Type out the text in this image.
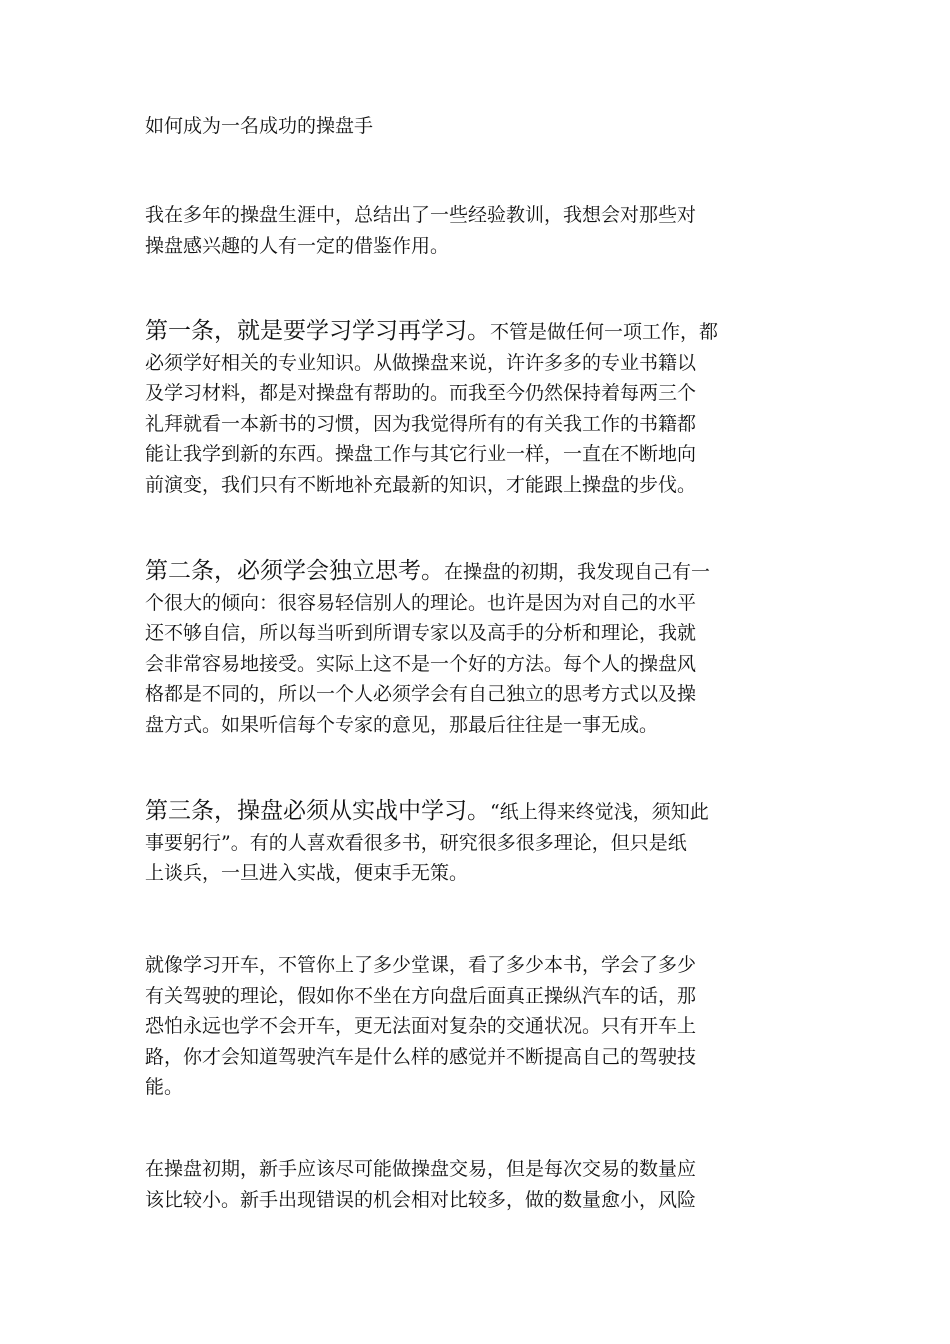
如何成为一名成功的操盘手
我在多年的操盘生涯中，总结出了一些经验教训，我想会对那些对
操盘感兴趣的人有一定的借鉴作用。
第一条，就是要学习学习再学习。不管是做任何一项工作，都
必须学好相关的专业知识。从做操盘来说，许许多多的专业书籍以
及学习材料，都是对操盘有帮助的。而我至今仍然保持着每两三个
礼拜就看一本新书的习惯，因为我觉得所有的有关我工作的书籍都
能让我学到新的东西。操盘工作与其它行业一样，一直在不断地向
前演变，我们只有不断地补充最新的知识，才能跟上操盘的步伐。
第二条，必须学会独立思考。在操盘的初期，我发现自己有一
个很大的倾向：很容易轻信别人的理论。也许是因为对自己的水平
还不够自信，所以每当听到所谓专家以及高手的分析和理论，我就
会非常容易地接受。实际上这不是一个好的方法。每个人的操盘风
格都是不同的，所以一个人必须学会有自己独立的思考方式以及操
盘方式。如果听信每个专家的意见，那最后往往是一事无成。
第三条，操盘必须从实战中学习。“纸上得来终觉浅，须知此
事要躬行”。有的人喜欢看很多书，研究很多很多理论，但只是纸
上谈兵，一旦进入实战，便束手无策。
就像学习开车，不管你上了多少堂课，看了多少本书，学会了多少
有关驾驶的理论，假如你不坐在方向盘后面真正操纵汽车的话，那
恐怕永远也学不会开车，更无法面对复杂的交通状况。只有开车上
路，你才会知道驾驶汽车是什么样的感觉并不断提高自己的驾驶技
能。
在操盘初期，新手应该尽可能做操盘交易，但是每次交易的数量应
该比较小。新手出现错误的机会相对比较多，做的数量愈小，风险
